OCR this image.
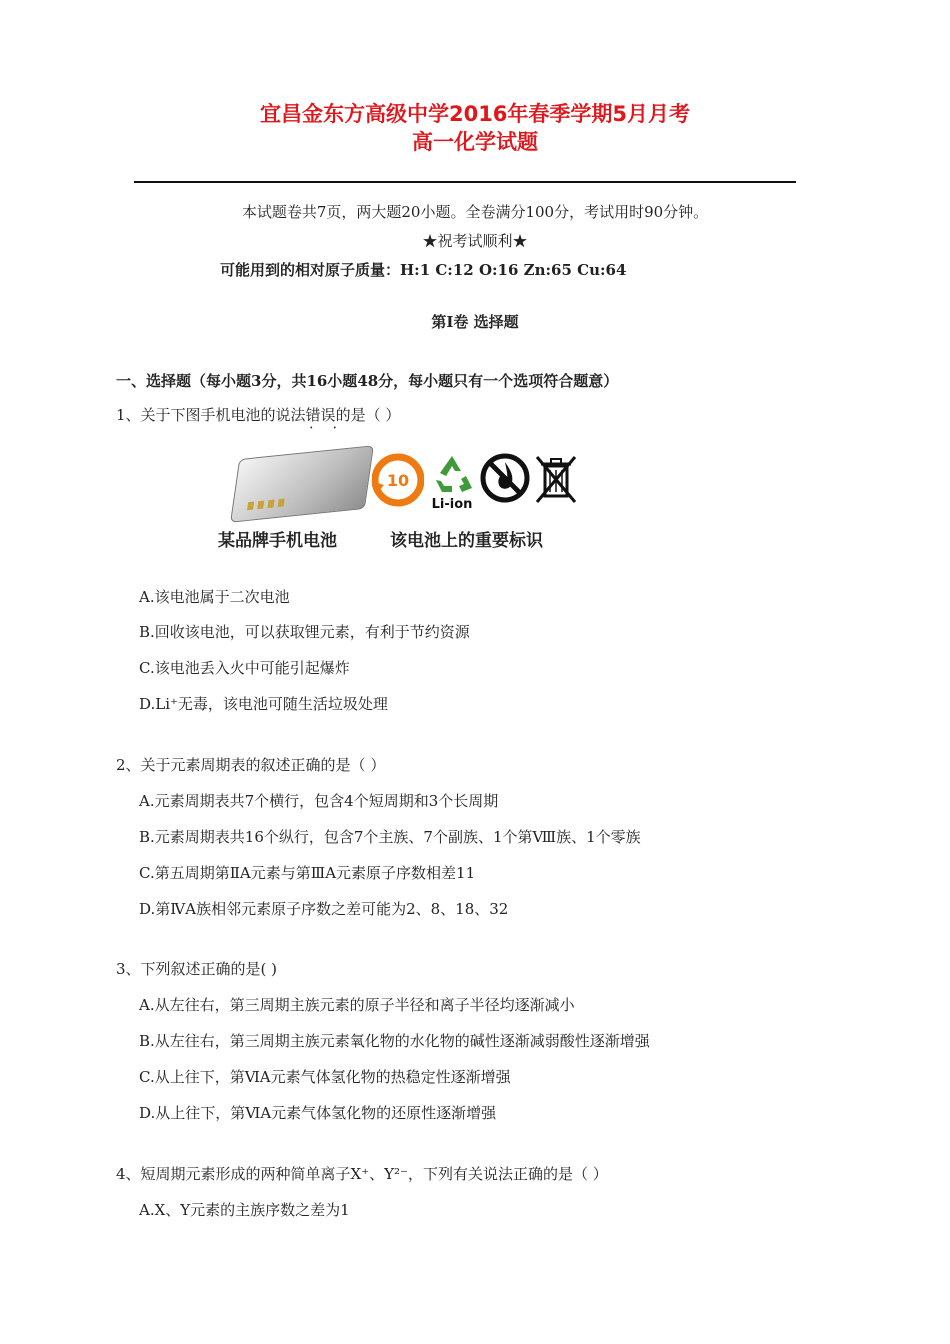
宜昌金东方高级中学2016年春季学期5月月考
高一化学试题
本试题卷共7页，两大题20小题。全卷满分100分，考试用时90分钟。
★祝考试顺利★
可能用到的相对原子质量：H:1 C:12 O:16 Zn:65 Cu:64
第Ⅰ卷 选择题
一、选择题（每小题3分，共16小题48分，每小题只有一个选项符合题意）
1、关于下图手机电池的说法错误 • •的是（ ）
10
Li-ion
某品牌手机电池	该电池上的重要标识
A.该电池属于二次电池
B.回收该电池，可以获取锂元素，有利于节约资源
C.该电池丢入火中可能引起爆炸
D.Li⁺无毒，该电池可随生活垃圾处理
2、关于元素周期表的叙述正确的是（ ）
A.元素周期表共7个横行，包含4个短周期和3个长周期
B.元素周期表共16个纵行，包含7个主族、7个副族、1个第Ⅷ族、1个零族
C.第五周期第ⅡA元素与第ⅢA元素原子序数相差11
D.第ⅣA族相邻元素原子序数之差可能为2、8、18、32
3、下列叙述正确的是( )
A.从左往右，第三周期主族元素的原子半径和离子半径均逐渐减小
B.从左往右，第三周期主族元素氧化物的水化物的碱性逐渐减弱酸性逐渐增强
C.从上往下，第ⅥA元素气体氢化物的热稳定性逐渐增强
D.从上往下，第ⅥA元素气体氢化物的还原性逐渐增强
4、短周期元素形成的两种简单离子X⁺、Y²⁻，下列有关说法正确的是（ ）
A.X、Y元素的主族序数之差为1
